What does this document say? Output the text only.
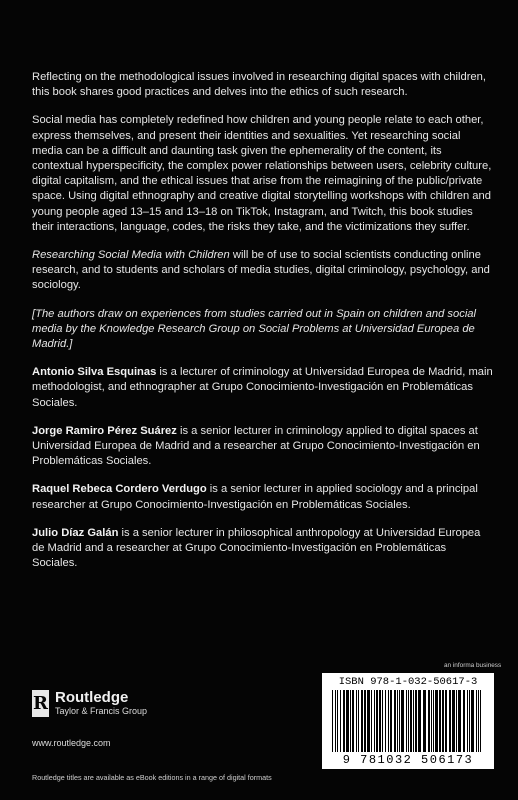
Reflecting on the methodological issues involved in researching digital spaces with children, this book shares good practices and delves into the ethics of such research.

Social media has completely redefined how children and young people relate to each other, express themselves, and present their identities and sexualities. Yet researching social media can be a difficult and daunting task given the ephemerality of the content, its contextual hyperspecificity, the complex power relationships between users, celebrity culture, digital capitalism, and the ethical issues that arise from the reimagining of the public/private space. Using digital ethnography and creative digital storytelling workshops with children and young people aged 13–15 and 13–18 on TikTok, Instagram, and Twitch, this book studies their interactions, language, codes, the risks they take, and the victimizations they suffer.

Researching Social Media with Children will be of use to social scientists conducting online research, and to students and scholars of media studies, digital criminology, psychology, and sociology.

[The authors draw on experiences from studies carried out in Spain on children and social media by the Knowledge Research Group on Social Problems at Universidad Europea de Madrid.]

Antonio Silva Esquinas is a lecturer of criminology at Universidad Europea de Madrid, main methodologist, and ethnographer at Grupo Conocimiento-Investigación en Problemáticas Sociales.

Jorge Ramiro Pérez Suárez is a senior lecturer in criminology applied to digital spaces at Universidad Europea de Madrid and a researcher at Grupo Conocimiento-Investigación en Problemáticas Sociales.

Raquel Rebeca Cordero Verdugo is a senior lecturer in applied sociology and a principal researcher at Grupo Conocimiento-Investigación en Problemáticas Sociales.

Julio Díaz Galán is a senior lecturer in philosophical anthropology at Universidad Europea de Madrid and a researcher at Grupo Conocimiento-Investigación en Problemáticas Sociales.

an informa business
R Routledge
Taylor & Francis Group
www.routledge.com
ISBN 978-1-032-50617-3
9 781032 506173
Routledge titles are available as eBook editions in a range of digital formats
